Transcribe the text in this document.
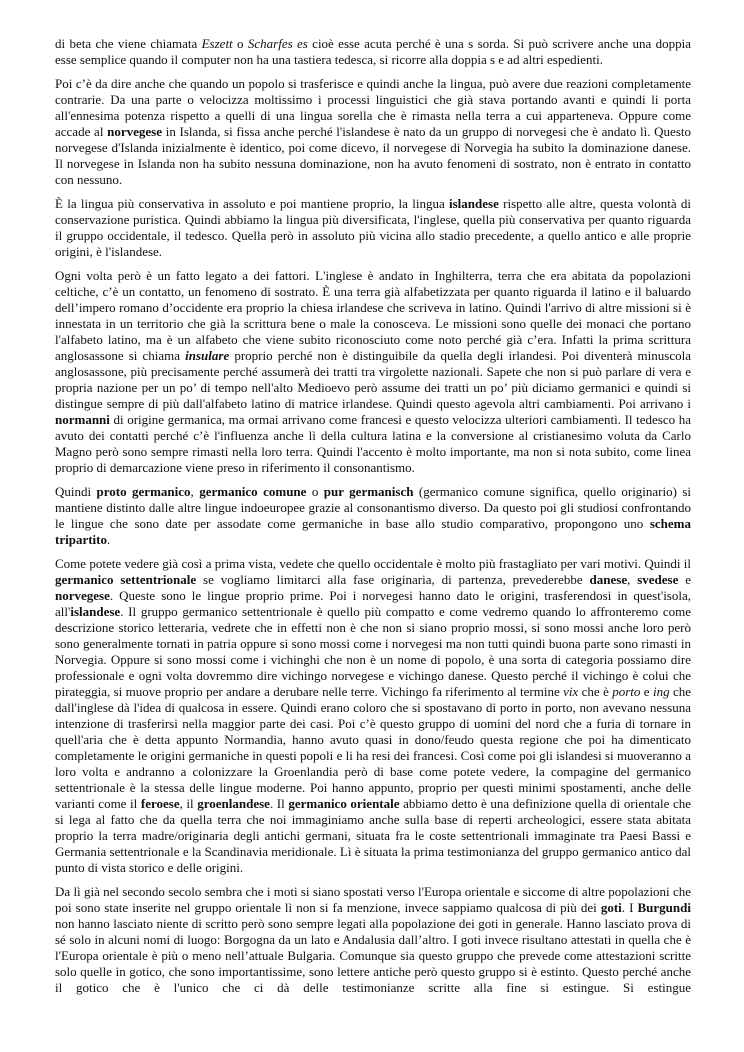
di beta che viene chiamata Eszett o Scharfes es cioè esse acuta perché è una s sorda. Si può scrivere anche una doppia esse semplice quando il computer non ha una tastiera tedesca, si ricorre alla doppia s e ad altri espedienti.

Poi c’è da dire anche che quando un popolo si trasferisce e quindi anche la lingua, può avere due reazioni completamente contrarie. Da una parte o velocizza moltissimo i processi linguistici che già stava portando avanti e quindi li porta all'ennesima potenza rispetto a quelli di una lingua sorella che è rimasta nella terra a cui apparteneva. Oppure come accade al norvegese in Islanda, si fissa anche perché l'islandese è nato da un gruppo di norvegesi che è andato lì. Questo norvegese d'Islanda inizialmente è identico, poi come dicevo, il norvegese di Norvegia ha subito la dominazione danese. Il norvegese in Islanda non ha subito nessuna dominazione, non ha avuto fenomeni di sostrato, non è entrato in contatto con nessuno.

È la lingua più conservativa in assoluto e poi mantiene proprio, la lingua islandese rispetto alle altre, questa volontà di conservazione puristica. Quindi abbiamo la lingua più diversificata, l'inglese, quella più conservativa per quanto riguarda il gruppo occidentale, il tedesco. Quella però in assoluto più vicina allo stadio precedente, a quello antico e alle proprie origini, è l'islandese.

Ogni volta però è un fatto legato a dei fattori. L'inglese è andato in Inghilterra, terra che era abitata da popolazioni celtiche, c’è un contatto, un fenomeno di sostrato. È una terra già alfabetizzata per quanto riguarda il latino e il baluardo dell’impero romano d’occidente era proprio la chiesa irlandese che scriveva in latino. Quindi l'arrivo di altre missioni si è innestata in un territorio che già la scrittura bene o male la conosceva. Le missioni sono quelle dei monaci che portano l'alfabeto latino, ma è un alfabeto che viene subito riconosciuto come noto perché già c’era. Infatti la prima scrittura anglosassone si chiama insulare proprio perché non è distinguibile da quella degli irlandesi. Poi diventerà minuscola anglosassone, più precisamente perché assumerà dei tratti tra virgolette nazionali. Sapete che non si può parlare di vera e propria nazione per un po’ di tempo nell'alto Medioevo però assume dei tratti un po’ più diciamo germanici e quindi si distingue sempre di più dall'alfabeto latino di matrice irlandese. Quindi questo agevola altri cambiamenti. Poi arrivano i normanni di origine germanica, ma ormai arrivano come francesi e questo velocizza ulteriori cambiamenti. Il tedesco ha avuto dei contatti perché c’è l'influenza anche lì della cultura latina e la conversione al cristianesimo voluta da Carlo Magno però sono sempre rimasti nella loro terra. Quindi l'accento è molto importante, ma non si nota subito, come linea proprio di demarcazione viene preso in riferimento il consonantismo.

Quindi proto germanico, germanico comune o pur germanisch (germanico comune significa, quello originario) si mantiene distinto dalle altre lingue indoeuropee grazie al consonantismo diverso. Da questo poi gli studiosi confrontando le lingue che sono date per assodate come germaniche in base allo studio comparativo, propongono uno schema tripartito.

Come potete vedere già così a prima vista, vedete che quello occidentale è molto più frastagliato per vari motivi. Quindi il germanico settentrionale se vogliamo limitarci alla fase originaria, di partenza, prevederebbe danese, svedese e norvegese. Queste sono le lingue proprio prime. Poi i norvegesi hanno dato le origini, trasferendosi in quest'isola, all'islandese. Il gruppo germanico settentrionale è quello più compatto e come vedremo quando lo affronteremo come descrizione storico letteraria, vedrete che in effetti non è che non si siano proprio mossi, si sono mossi anche loro però sono generalmente tornati in patria oppure si sono mossi come i norvegesi ma non tutti quindi buona parte sono rimasti in Norvegia. Oppure si sono mossi come i vichinghi che non è un nome di popolo, è una sorta di categoria possiamo dire professionale e ogni volta dovremmo dire vichingo norvegese e vichingo danese. Questo perché il vichingo è colui che pirateggia, si muove proprio per andare a derubare nelle terre. Vichingo fa riferimento al termine vix che è porto e ing che dall'inglese dà l'idea di qualcosa in essere. Quindi erano coloro che si spostavano di porto in porto, non avevano nessuna intenzione di trasferirsi nella maggior parte dei casi. Poi c’è questo gruppo di uomini del nord che a furia di tornare in quell'aria che è detta appunto Normandia, hanno avuto quasi in dono/feudo questa regione che poi ha dimenticato completamente le origini germaniche in questi popoli e li ha resi dei francesi. Così come poi gli islandesi si muoveranno a loro volta e andranno a colonizzare la Groenlandia però di base come potete vedere, la compagine del germanico settentrionale è la stessa delle lingue moderne. Poi hanno appunto, proprio per questi minimi spostamenti, anche delle varianti come il feroese, il groenlandese. Il germanico orientale abbiamo detto è una definizione quella di orientale che si lega al fatto che da quella terra che noi immaginiamo anche sulla base di reperti archeologici, essere stata abitata proprio la terra madre/originaria degli antichi germani, situata fra le coste settentrionali immaginate tra Paesi Bassi e Germania settentrionale e la Scandinavia meridionale. Lì è situata la prima testimonianza del gruppo germanico antico dal punto di vista storico e delle origini.

Da lì già nel secondo secolo sembra che i moti si siano spostati verso l'Europa orientale e siccome di altre popolazioni che poi sono state inserite nel gruppo orientale lì non si fa menzione, invece sappiamo qualcosa di più dei goti. I Burgundi non hanno lasciato niente di scritto però sono sempre legati alla popolazione dei goti in generale. Hanno lasciato prova di sé solo in alcuni nomi di luogo: Borgogna da un lato e Andalusia dall’altro. I goti invece risultano attestati in quella che è l'Europa orientale è più o meno nell’attuale Bulgaria. Comunque sia questo gruppo che prevede come attestazioni scritte solo quelle in gotico, che sono importantissime, sono lettere antiche però questo gruppo si è estinto. Questo perché anche il gotico che è l'unico che ci dà delle testimonianze scritte alla fine si estingue. Si estingue
